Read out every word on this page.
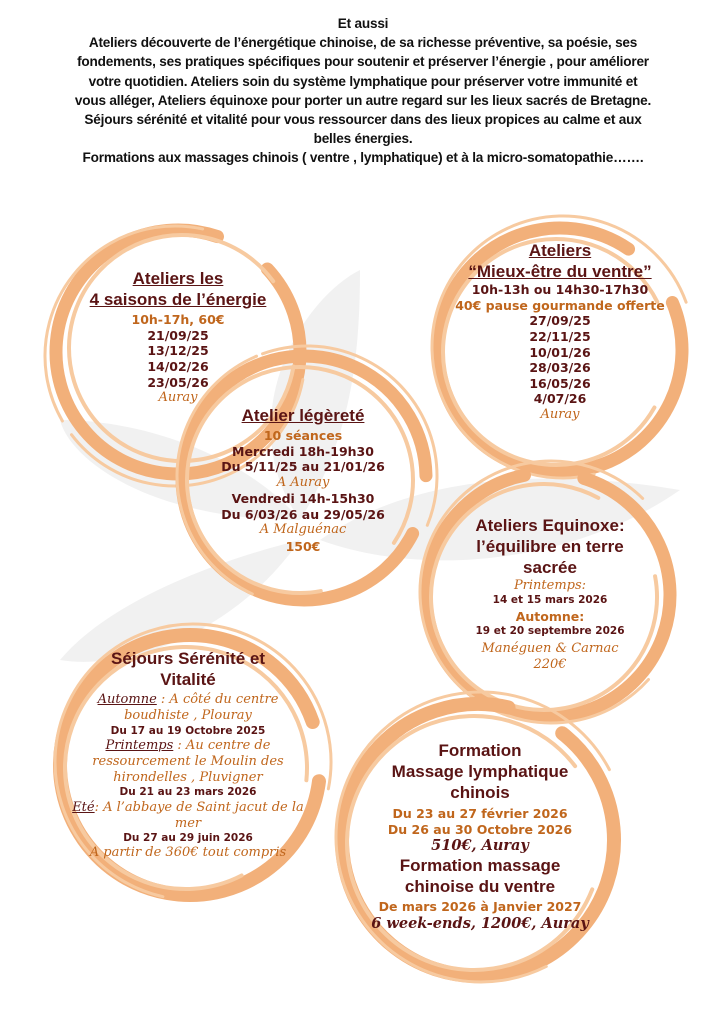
Et aussi
Ateliers découverte de l’énergétique chinoise, de sa richesse préventive, sa poésie, ses
fondements, ses pratiques spécifiques pour soutenir et préserver l’énergie , pour améliorer
votre quotidien. Ateliers soin du système lymphatique pour préserver votre immunité et
vous alléger, Ateliers équinoxe pour porter un autre regard sur les lieux sacrés de Bretagne.
Séjours sérénité et vitalité pour vous ressourcer dans des lieux propices au calme et aux
belles énergies.
Formations aux massages chinois ( ventre , lymphatique) et à la micro-somatopathie…….
Ateliers les
4 saisons de l’énergie
10h-17h, 60€
21/09/25
13/12/25
14/02/26
23/05/26
Auray
Ateliers
“Mieux-être du ventre”
10h-13h ou 14h30-17h30
40€ pause gourmande offerte
27/09/25
22/11/25
10/01/26
28/03/26
16/05/26
4/07/26
Auray
Atelier légèreté
10 séances
Mercredi 18h-19h30
Du 5/11/25 au 21/01/26
A Auray
Vendredi 14h-15h30
Du 6/03/26 au 29/05/26
A Malguénac
150€
Ateliers Equinoxe:
l’équilibre en terre
sacrée
Printemps:
14 et 15 mars 2026
Automne:
19 et 20 septembre 2026
Manéguen & Carnac
220€
Séjours Sérénité et
Vitalité
Automne : A côté du centre
boudhiste , Plouray
Du 17 au 19 Octobre 2025
Printemps : Au centre de
ressourcement le Moulin des
hirondelles , Pluvigner
Du 21 au 23 mars 2026
Eté: A l’abbaye de Saint jacut de la
mer
Du 27 au 29 juin 2026
A partir de 360€ tout compris
Formation
Massage lymphatique
chinois
Du 23 au 27 février 2026
Du 26 au 30 Octobre 2026
510€, Auray
Formation massage
chinoise du ventre
De mars 2026 à Janvier 2027
6 week-ends, 1200€, Auray
